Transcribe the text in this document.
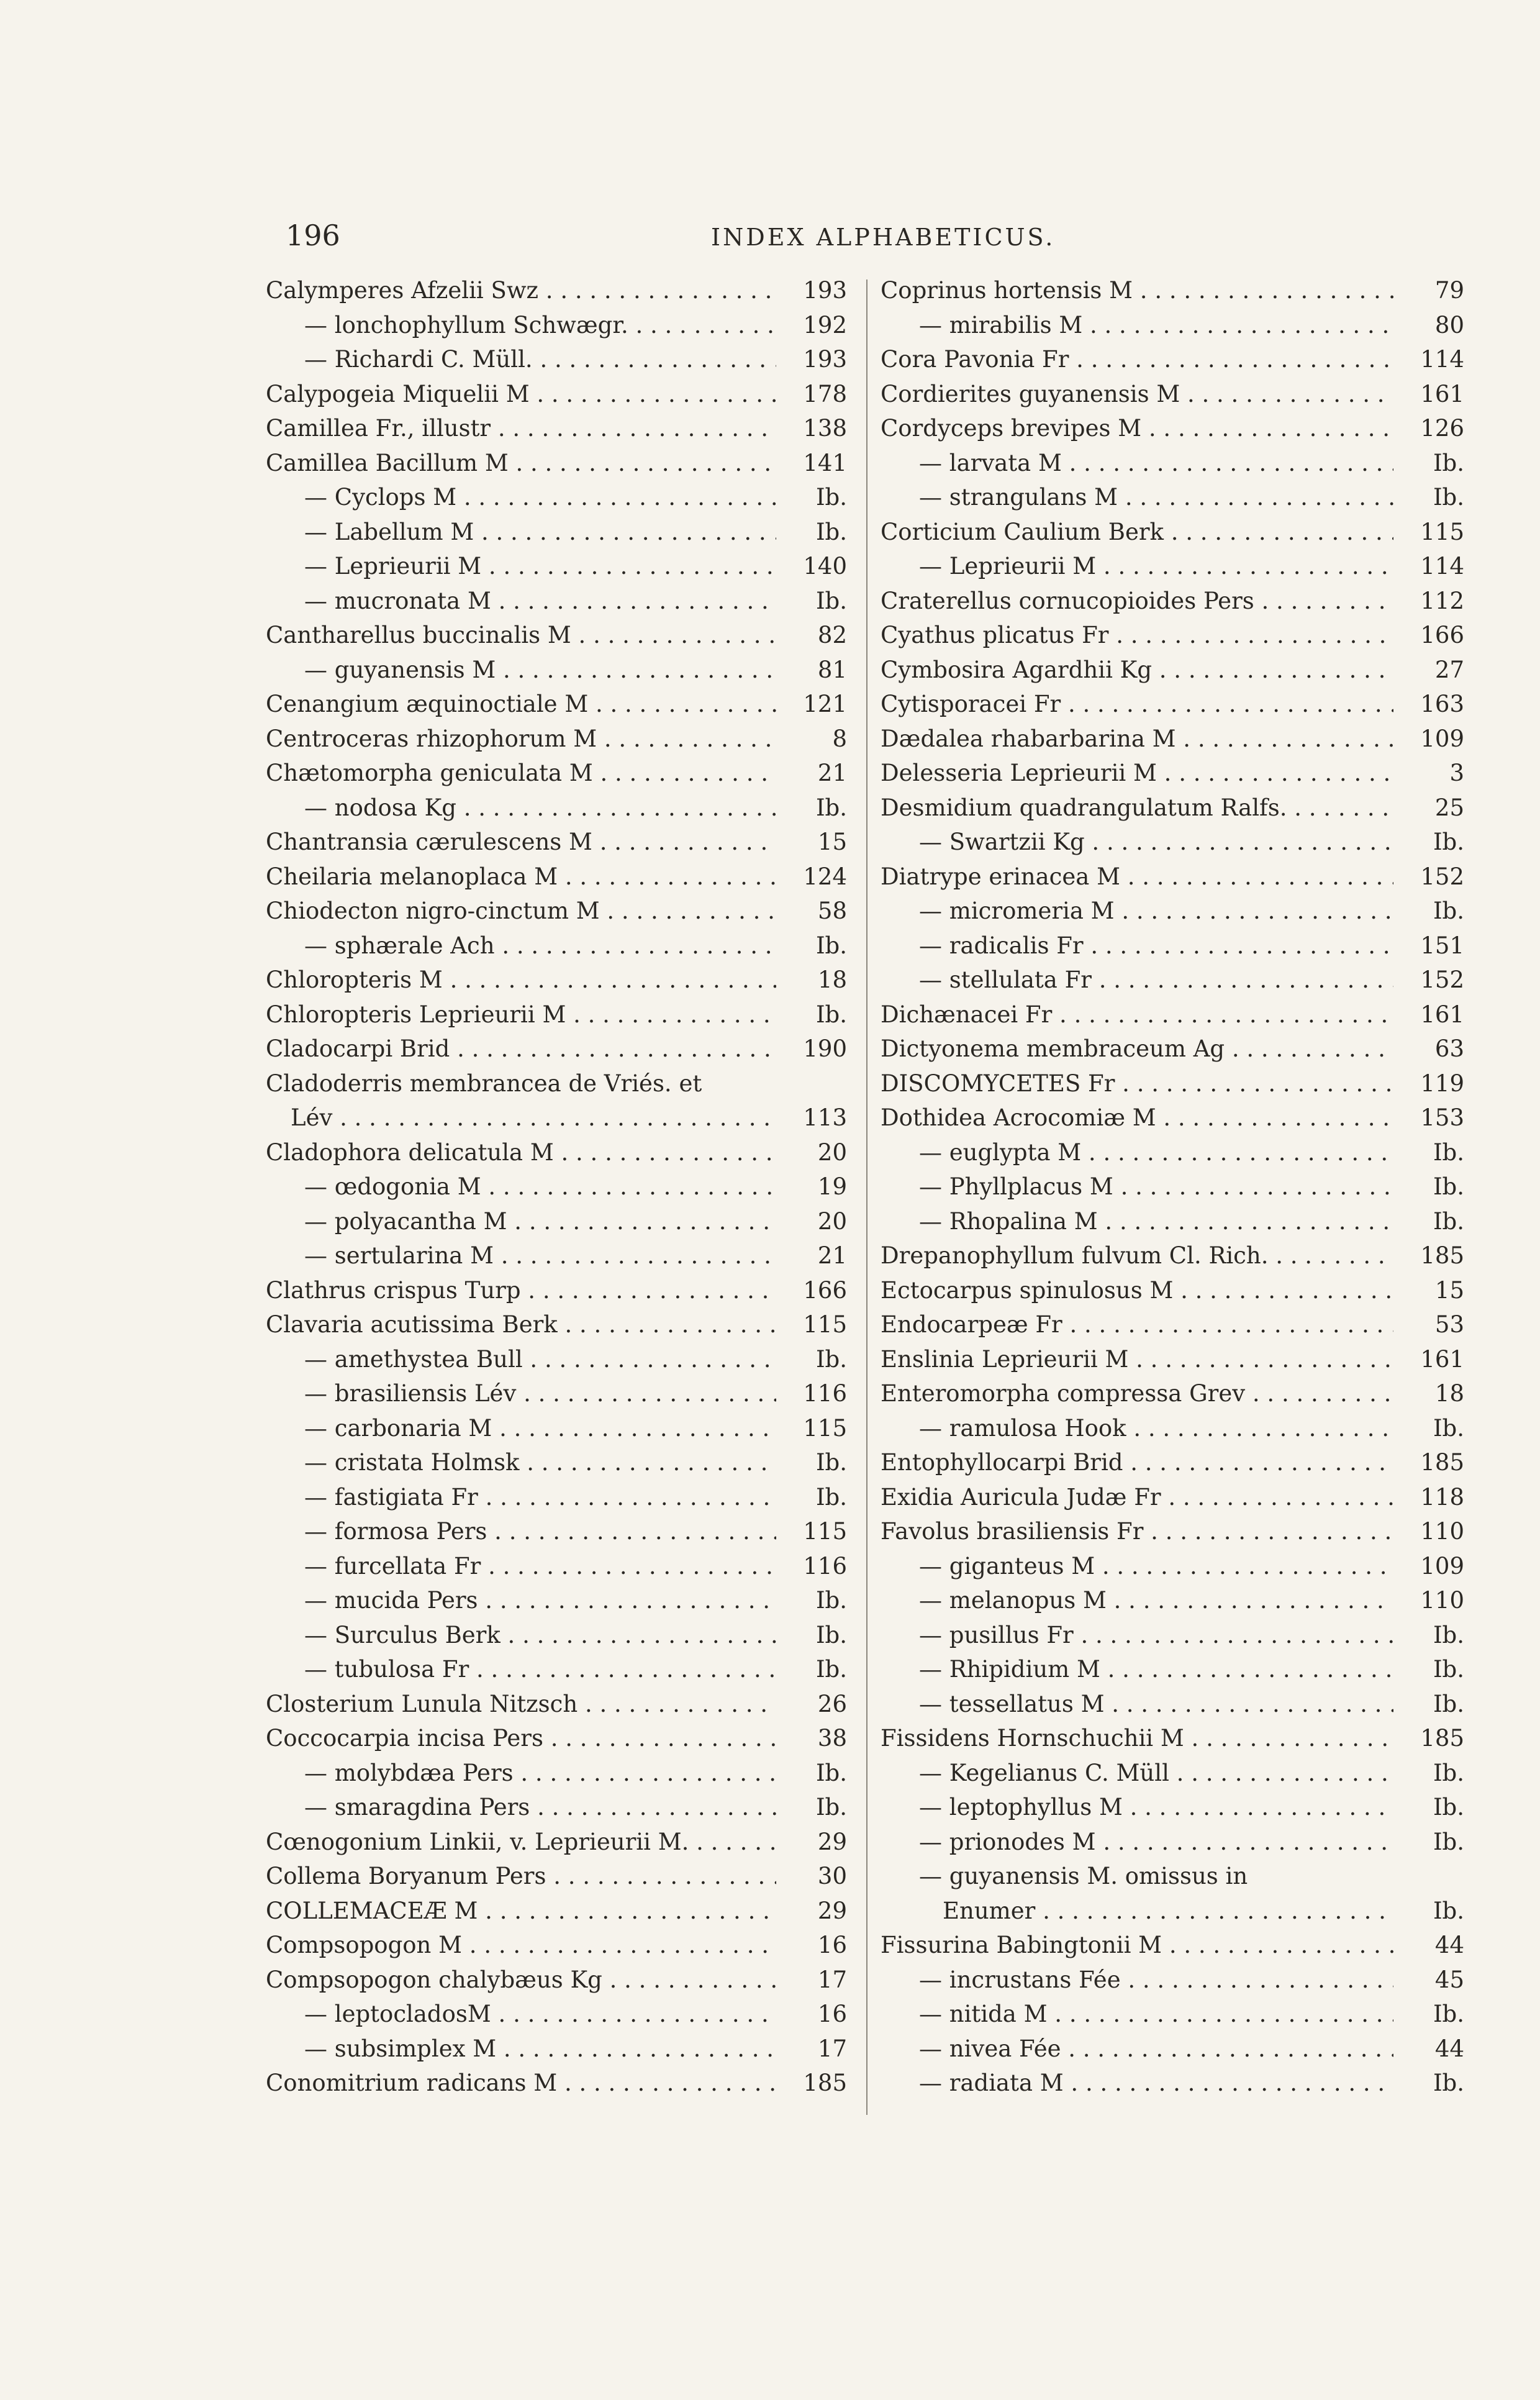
196	INDEX ALPHABETICUS.
Calymperes Afzelii Swz . . .	193
— lonchophyllum Schwægr. . . .	192
— Richardi C. Müll. . . .	193
Calypogeia Miquelii M . . .	178
Camillea Fr., illustr . . .	138
Camillea Bacillum M . . .	141
— Cyclops M . . .	Ib.
— Labellum M . . .	Ib.
— Leprieurii M . . .	140
— mucronata M . . .	Ib.
Cantharellus buccinalis M . . .	82
— guyanensis M . . .	81
Cenangium æquinoctiale M . . .	121
Centroceras rhizophorum M . . .	8
Chætomorpha geniculata M . . .	21
— nodosa Kg . . .	Ib.
Chantransia cærulescens M . . .	15
Cheilaria melanoplaca M . . .	124
Chiodecton nigro-cinctum M . . .	58
— sphærale Ach . . .	Ib.
Chloropteris M . . .	18
Chloropteris Leprieurii M . . .	Ib.
Cladocarpi Brid . . .	190
Cladoderris membrancea de Vriés. et
Lév . . .	113
Cladophora delicatula M . . .	20
— œdogonia M . . .	19
— polyacantha M . . .	20
— sertularina M . . .	21
Clathrus crispus Turp . . .	166
Clavaria acutissima Berk . . .	115
— amethystea Bull . . .	Ib.
— brasiliensis Lév . . .	116
— carbonaria M . . .	115
— cristata Holmsk . . .	Ib.
— fastigiata Fr . . .	Ib.
— formosa Pers . . .	115
— furcellata Fr . . .	116
— mucida Pers . . .	Ib.
— Surculus Berk . . .	Ib.
— tubulosa Fr . . .	Ib.
Closterium Lunula Nitzsch . . .	26
Coccocarpia incisa Pers . . .	38
— molybdæa Pers . . .	Ib.
— smaragdina Pers . . .	Ib.
Cœnogonium Linkii, v. Leprieurii M. . . .	29
Collema Boryanum Pers . . .	30
COLLEMACEÆ M . . .	29
Compsopogon M . . .	16
Compsopogon chalybæus Kg . . .	17
— leptocladosM . . .	16
— subsimplex M . . .	17
Conomitrium radicans M . . .	185
Coprinus hortensis M . . .	79
— mirabilis M . . .	80
Cora Pavonia Fr . . .	114
Cordierites guyanensis M . . .	161
Cordyceps brevipes M . . .	126
— larvata M . . .	Ib.
— strangulans M . . .	Ib.
Corticium Caulium Berk . . .	115
— Leprieurii M . . .	114
Craterellus cornucopioides Pers . . .	112
Cyathus plicatus Fr . . .	166
Cymbosira Agardhii Kg . . .	27
Cytisporacei Fr . . .	163
Dædalea rhabarbarina M . . .	109
Delesseria Leprieurii M . . .	3
Desmidium quadrangulatum Ralfs. . . .	25
— Swartzii Kg . . .	Ib.
Diatrype erinacea M . . .	152
— micromeria M . . .	Ib.
— radicalis Fr . . .	151
— stellulata Fr . . .	152
Dichænacei Fr . . .	161
Dictyonema membraceum Ag . . .	63
DISCOMYCETES Fr . . .	119
Dothidea Acrocomiæ M . . .	153
— euglypta M . . .	Ib.
— Phyllplacus M . . .	Ib.
— Rhopalina M . . .	Ib.
Drepanophyllum fulvum Cl. Rich. . . .	185
Ectocarpus spinulosus M . . .	15
Endocarpeæ Fr . . .	53
Enslinia Leprieurii M . . .	161
Enteromorpha compressa Grev . . .	18
— ramulosa Hook . . .	Ib.
Entophyllocarpi Brid . . .	185
Exidia Auricula Judæ Fr . . .	118
Favolus brasiliensis Fr . . .	110
— giganteus M . . .	109
— melanopus M . . .	110
— pusillus Fr . . .	Ib.
— Rhipidium M . . .	Ib.
— tessellatus M . . .	Ib.
Fissidens Hornschuchii M . . .	185
— Kegelianus C. Müll . . .	Ib.
— leptophyllus M . . .	Ib.
— prionodes M . . .	Ib.
— guyanensis M. omissus in
Enumer . . .	Ib.
Fissurina Babingtonii M . . .	44
— incrustans Fée . . .	45
— nitida M . . .	Ib.
— nivea Fée . . .	44
— radiata M . . .	Ib.
